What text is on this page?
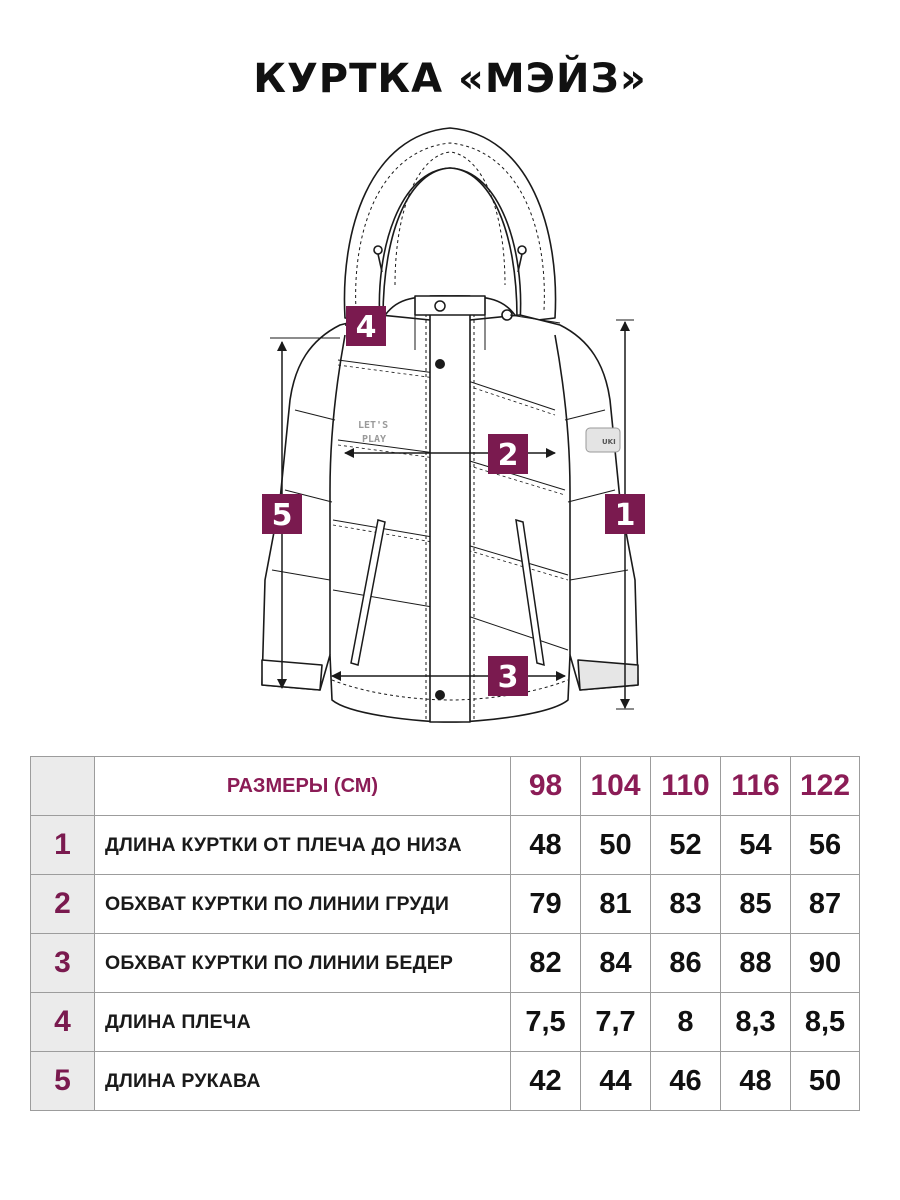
КУРТКА «МЭЙЗ»
LET'S
PLAY	UKI
1
2
3
4
5
	РАЗМЕРЫ (СМ)	98	104	110	116	122
1	ДЛИНА КУРТКИ ОТ ПЛЕЧА ДО НИЗА	48	50	52	54	56
2	ОБХВАТ КУРТКИ ПО ЛИНИИ ГРУДИ	79	81	83	85	87
3	ОБХВАТ КУРТКИ ПО ЛИНИИ БЕДЕР	82	84	86	88	90
4	ДЛИНА ПЛЕЧА	7,5	7,7	8	8,3	8,5
5	ДЛИНА РУКАВА	42	44	46	48	50
